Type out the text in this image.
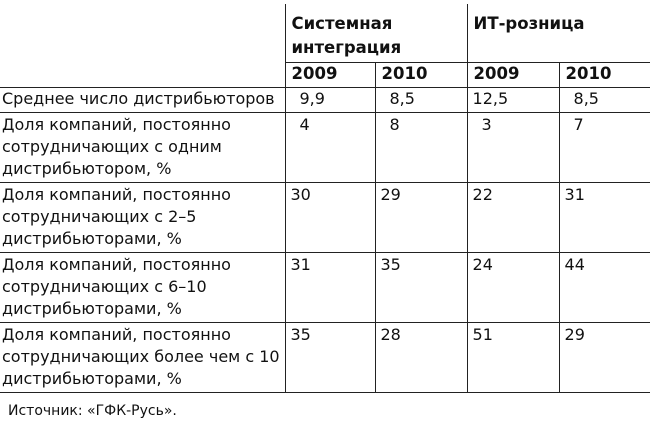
	Системная интеграция		ИТ-розница	
	2009	2010	2009	2010
Среднее число дистрибьюторов	9,9	8,5	12,5	8,5
Доля компаний, постоянно сотрудничающих с одним дистрибьютором, %	4	8	3	7
Доля компаний, постоянно сотрудничающих с 2–5 дистрибьюторами, %	30	29	22	31
Доля компаний, постоянно сотрудничающих с 6–10 дистрибьюторами, %	31	35	24	44
Доля компаний, постоянно сотрудничающих более чем с 10 дистрибьюторами, %	35	28	51	29
Источник: «ГФК-Русь».
